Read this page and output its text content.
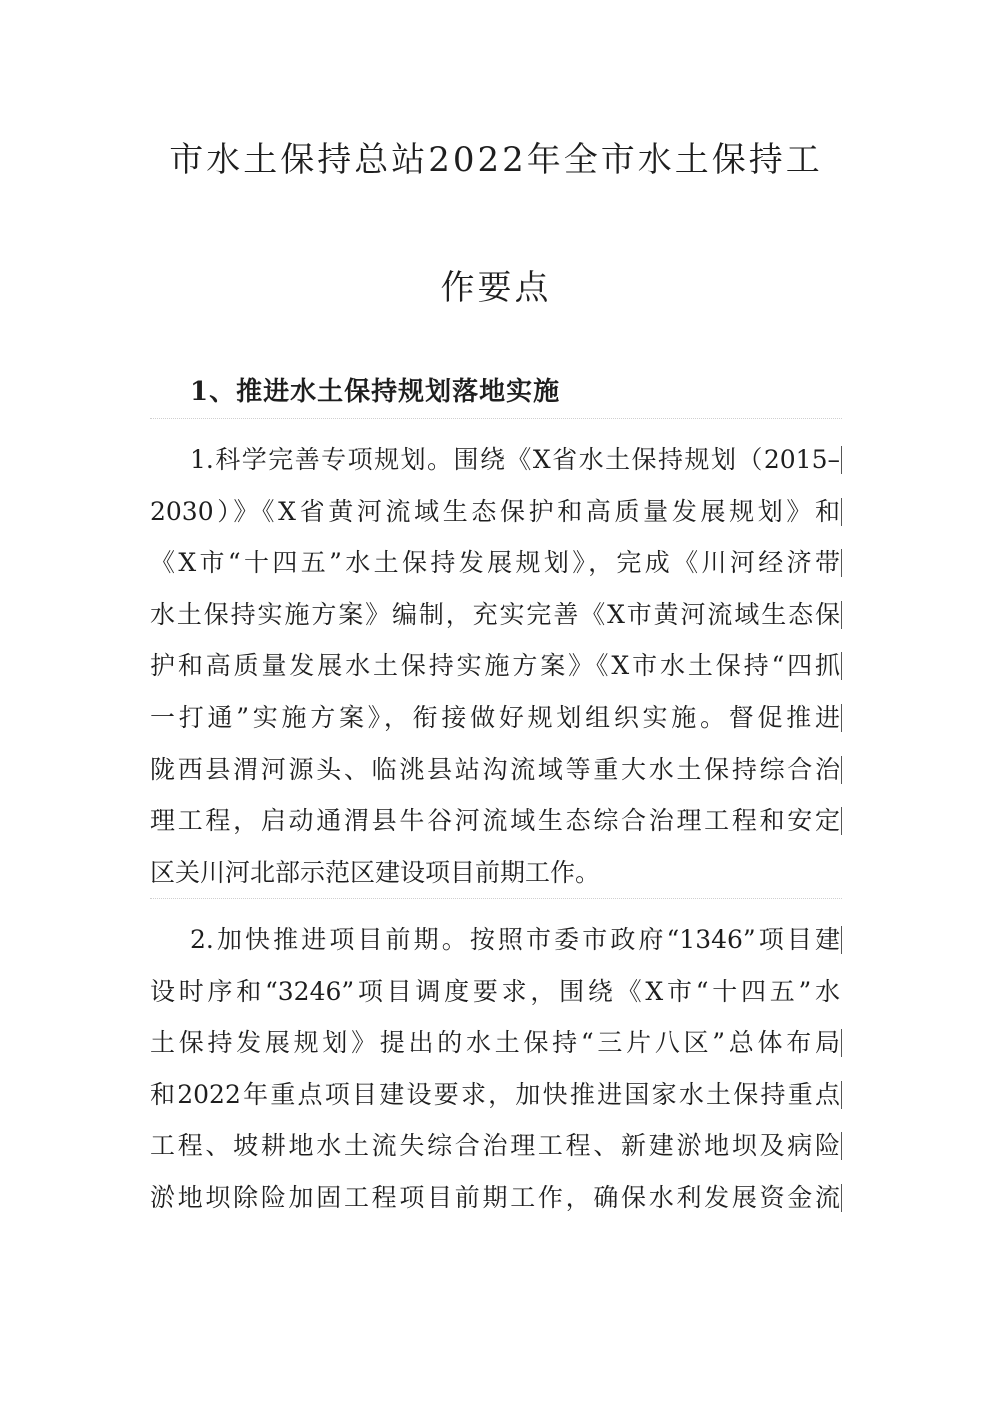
市水土保持总站2022年全市水土保持工
作要点
1、推进水土保持规划落地实施
1.科学完善专项规划。围绕《X省水土保持规划（2015–
2030）》《X省黄河流域生态保护和高质量发展规划》和
《X市“十四五”水土保持发展规划》，完成《川河经济带
水土保持实施方案》编制，充实完善《X市黄河流域生态保
护和高质量发展水土保持实施方案》《X市水土保持“四抓
一打通”实施方案》，衔接做好规划组织实施。督促推进
陇西县渭河源头、临洮县站沟流域等重大水土保持综合治
理工程，启动通渭县牛谷河流域生态综合治理工程和安定
区关川河北部示范区建设项目前期工作。
2.加快推进项目前期。按照市委市政府“1346”项目建
设时序和“3246”项目调度要求，围绕《X市“十四五”水
土保持发展规划》提出的水土保持“三片八区”总体布局
和2022年重点项目建设要求，加快推进国家水土保持重点
工程、坡耕地水土流失综合治理工程、新建淤地坝及病险
淤地坝除险加固工程项目前期工作，确保水利发展资金流
